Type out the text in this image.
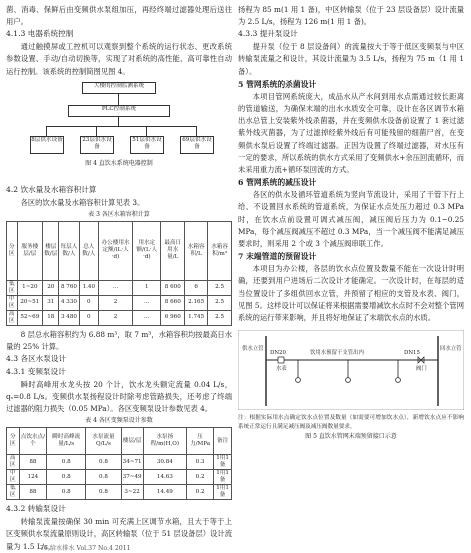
菌、消毒、保鲜后由变频供水泵组加压，再经终端过滤器处理后送往用户。

4.1.3 电器系统控制

通过触摸屏或工控机可以观察到整个系统的运行状态、更改系统参数设置、手动/自动切换等，实现了对系统的高性能、高可靠性自动运行控制。该系统的控制简图见图 4。

大楼的控制监测系统
PLC控制系统
8层供水设备	23层供水设备
51层供水设备
69层供水设备
图 4 直饮水系统电器控制
4.2 饮水量及水箱容积计算

各区的饮水量及水箱容积计算见表 3。

表 3 各区水箱容积计算
分区	服务楼层/层	楼层数/层	每层人数/人	总人数/人	办公楼用水定额/(L·人·d)	用水定额/(L·人·d)	最高日用水量/L	水箱容积/L	水箱容积/m³
低区	1~20	20	8 760	1.40	…	1	8 600	6	2.5
中区	20~51	31	4 330	0	2	…	8 660	2.165	2.5
高区	52~69	18	3 480	0	2	…	6 960	1.745	2.5

8 层总水箱容积约为 6.88 m³，取 7 m³，水箱容积均按最高日水量的 25% 计算。

4.3 各区水泵设计
4.3.1 变频泵设计

瞬时高峰用水龙头按 20 个计，饮水龙头额定流量 0.04 L/s，qₛ=0.8 L/s。变频供水泵扬程设计时除考虑管路损失，还考虑了终端过滤器的阻力损失（0.05 MPa）。各区变频泵设计参数见表 4。

表 4 各区变频泵设计参数
分区	点饮水点/个	瞬时高峰流量/L/s	水泵流量 Q/L/s	楼层/层	水泵扬程/m(H,O)	压力/MPa	备注
高区	88	0.8	0.8	34~71	30.84	0.3	1用1备
中区	124	0.8	0.8	37~49	14.63	0.2	1用1备
低区	88	0.8	0.8	3~22	14.49	0.2	1用1备
4.3.2 转输泵设计

转输泵流量按确保 30 min 可充满上区调节水箱，且大于等于上区变频供水泵流量原则设计，高区转输泵（位于 51 层设备层）设计流量为 1.5 L/s，

扬程为 85 m(1 用 1 备)，中区转输泵（位于 23 层设备层）设计流量为 2.5 L/s，扬程为 126 m(1 用 1 备)。

4.3.3 提升泵设计

提升泵（位于 8 层设备间）的流量按大于等于低区变频泵与中区转输泵流量之和设计，其设计流量为 3.5 L/s，扬程为 75 m（1 用 1 备）。

5 管网系统的杀菌设计

本项目管网系统庞大，成品水从产水间到用水点需通过较长距离的管道输送，为确保末端的出水水质安全可靠，设计在各区调节水箱出水总管上安装紫外线杀菌器，并在变频供水设备前设置了 1 套过滤紫外线灭菌器，为了过滤掉经紫外线后有可能残留的细菌尸首，在变频供水泵后设置了终端过滤器。正因为设置了终端过滤器，对水压有一定的要求，所以系统的供水方式采用了变频供水+余压回流循环，而未采用重力流+循环泵回流的方式。

6 管网系统的减压设计

各区的供水及循环管道系统为竖向节流设计，采用了干管下行上给、不设置回水系统的管道系统，为保证水点处压力超过 0.3 MPa 时，在饮水点前设置可调式减压阀，减压阀后压力为 0.1~0.25 MPa，每个减压阀减压不超过 0.3 MPa，当一个减压阀不能满足减压要求时，则采用 2 个或 3 个减压阀串联工作。

7 末端管道的预留设计

本项目为办公楼，各层的饮水点位置及数量不能在一次设计时明确，还要到用户进场后二次设计才能确定。一次设计时，在每层的适当位置设计了多组供回水立管，并预留了相应的支管及水表、阀门，见图 5。这样设计可以保证将来根据需要增减饮水点时不会对整个管网系统的运行带来影响，并且将好地保证了末端饮水点的水质。

供水立管	回水立管
饮用水预留干支管出内
DN20	DN15
水表	阀门

注：根据实际用水点确定饮水点位置及数量（如需要可增加饮水点），新增饮水点应不影响系统正常运行且满足减压阀及减压阀数量要求。

图 5 直饮水管网末端预留接口示意
76 给水排水 Vol.37 No.4 2011
